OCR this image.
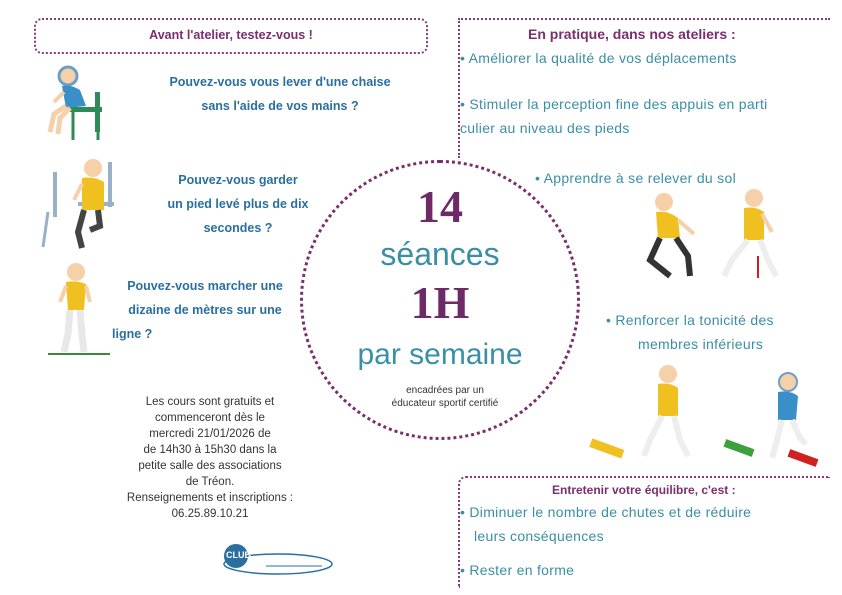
Avant l'atelier, testez-vous !
Pouvez-vous vous lever d'une chaise
sans l'aide de vos mains ?
Pouvez-vous garder
un pied levé plus de dix
secondes ?
Pouvez-vous marcher une
dizaine de mètres sur une
ligne ?
Les cours sont gratuits et
commenceront dès le
mercredi 21/01/2026 de
de 14h30 à 15h30 dans la
petite salle des associations
de Tréon.
Renseignements et inscriptions :
06.25.89.10.21
CLUB
14
séances
1H
par semaine
encadrées par un
éducateur sportif certifié
En pratique, dans nos ateliers :
• Améliorer la qualité de vos déplacements
• Stimuler la perception fine des appuis en parti
culier au niveau des pieds
• Apprendre à se relever du sol
• Renforcer la tonicité des
membres inférieurs
Entretenir votre équilibre, c'est :
• Diminuer le nombre de chutes et de réduire
leurs conséquences
• Rester en forme
